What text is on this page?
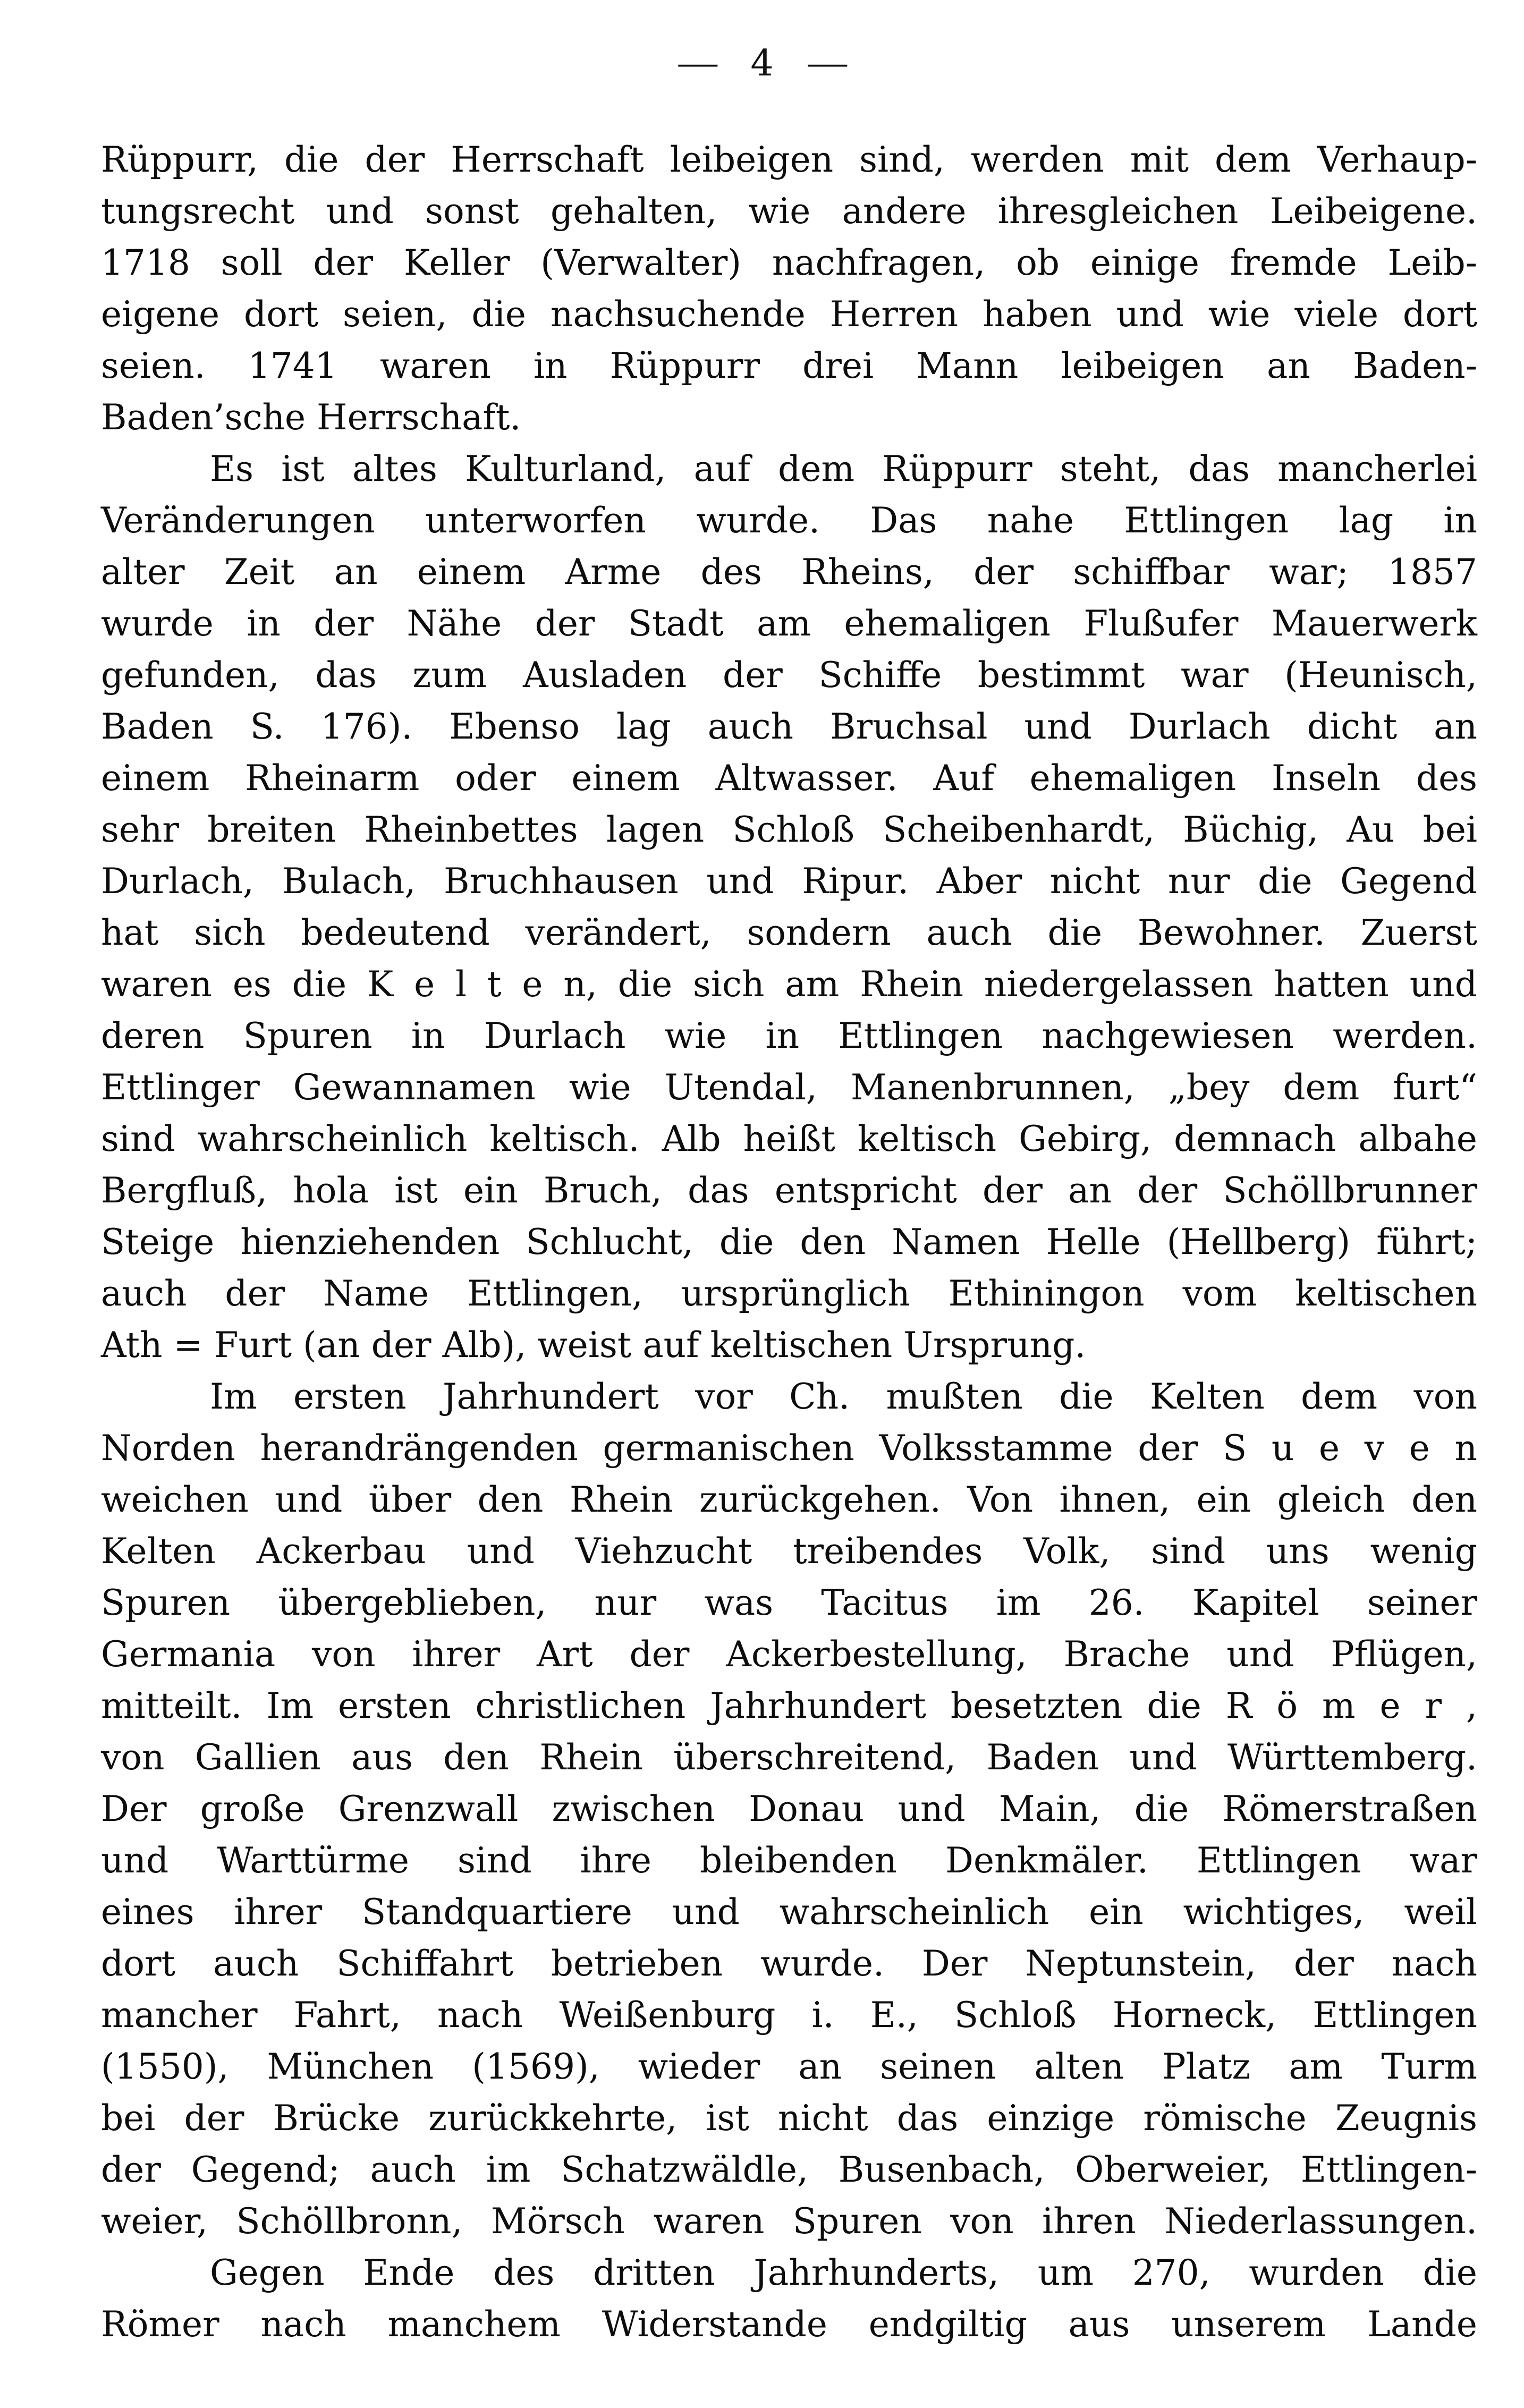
— 4 —
Rüppurr, die der Herrschaft leibeigen sind, werden mit dem Verhaup-
tungsrecht und sonst gehalten, wie andere ihresgleichen Leibeigene.
1718 soll der Keller (Verwalter) nachfragen, ob einige fremde Leib-
eigene dort seien, die nachsuchende Herren haben und wie viele dort
seien. 1741 waren in Rüppurr drei Mann leibeigen an Baden-
Baden’sche Herrschaft.
Es ist altes Kulturland, auf dem Rüppurr steht, das mancherlei
Veränderungen unterworfen wurde. Das nahe Ettlingen lag in
alter Zeit an einem Arme des Rheins, der schiffbar war; 1857
wurde in der Nähe der Stadt am ehemaligen Flußufer Mauerwerk
gefunden, das zum Ausladen der Schiffe bestimmt war (Heunisch,
Baden S. 176). Ebenso lag auch Bruchsal und Durlach dicht an
einem Rheinarm oder einem Altwasser. Auf ehemaligen Inseln des
sehr breiten Rheinbettes lagen Schloß Scheibenhardt, Büchig, Au bei
Durlach, Bulach, Bruchhausen und Ripur. Aber nicht nur die Gegend
hat sich bedeutend verändert, sondern auch die Bewohner. Zuerst
waren es die K e l t e n, die sich am Rhein niedergelassen hatten und
deren Spuren in Durlach wie in Ettlingen nachgewiesen werden.
Ettlinger Gewannamen wie Utendal, Manenbrunnen, „bey dem furt“
sind wahrscheinlich keltisch. Alb heißt keltisch Gebirg, demnach albahe
Bergfluß, hola ist ein Bruch, das entspricht der an der Schöllbrunner
Steige hienziehenden Schlucht, die den Namen Helle (Hellberg) führt;
auch der Name Ettlingen, ursprünglich Ethiningon vom keltischen
Ath = Furt (an der Alb), weist auf keltischen Ursprung.
Im ersten Jahrhundert vor Ch. mußten die Kelten dem von
Norden herandrängenden germanischen Volksstamme der S u e v e n
weichen und über den Rhein zurückgehen. Von ihnen, ein gleich den
Kelten Ackerbau und Viehzucht treibendes Volk, sind uns wenig
Spuren übergeblieben, nur was Tacitus im 26. Kapitel seiner
Germania von ihrer Art der Ackerbestellung, Brache und Pflügen,
mitteilt. Im ersten christlichen Jahrhundert besetzten die R ö m e r ,
von Gallien aus den Rhein überschreitend, Baden und Württemberg.
Der große Grenzwall zwischen Donau und Main, die Römerstraßen
und Warttürme sind ihre bleibenden Denkmäler. Ettlingen war
eines ihrer Standquartiere und wahrscheinlich ein wichtiges, weil
dort auch Schiffahrt betrieben wurde. Der Neptunstein, der nach
mancher Fahrt, nach Weißenburg i. E., Schloß Horneck, Ettlingen
(1550), München (1569), wieder an seinen alten Platz am Turm
bei der Brücke zurückkehrte, ist nicht das einzige römische Zeugnis
der Gegend; auch im Schatzwäldle, Busenbach, Oberweier, Ettlingen-
weier, Schöllbronn, Mörsch waren Spuren von ihren Niederlassungen.
Gegen Ende des dritten Jahrhunderts, um 270, wurden die
Römer nach manchem Widerstande endgiltig aus unserem Lande
